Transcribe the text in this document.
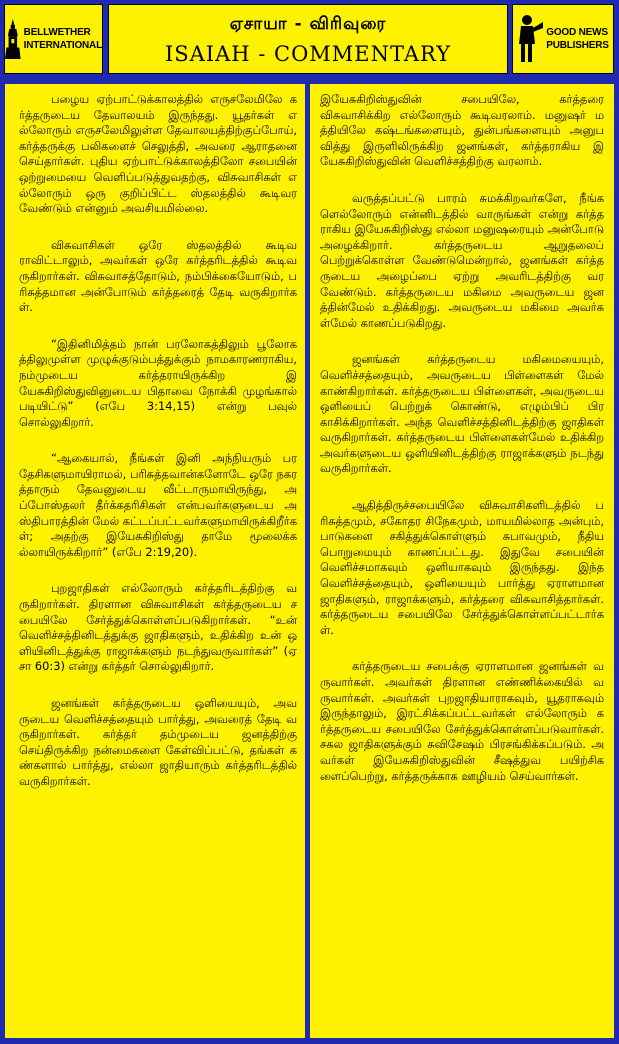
BELLWETHER
INTERNATIONAL
ஏசாயா - விரிவுரை
ISAIAH - COMMENTARY
GOOD NEWS
PUBLISHERS

பழைய ஏற்பாட்டுக்காலத்தில் எருசலேமிலே கர்த்தருடைய தேவாலயம் இருந்தது. யூதர்கள் எல்லோரும் எருசலேமிலுள்ள தேவாலயத்திற்குப்போய், கர்த்தருக்கு பலிகளைச் செலுத்தி, அவரை ஆராதனை செய்தார்கள். புதிய ஏற்பாட்டுக்காலத்திலோ சபையின் ஒற்றுமையை வெளிப்படுத்துவதற்கு, விசுவாசிகள் எல்லோரும் ஒரு குறிப்பிட்ட ஸ்தலத்தில் கூடிவரவேண்டும் என்னும் அவசியமில்லை.

விசுவாசிகள் ஒரே ஸ்தலத்தில் கூடிவராவிட்டாலும், அவர்கள் ஒரே கர்த்தரிடத்தில் கூடிவருகிறார்கள். விசுவாசத்தோடும், நம்பிக்கையோடும், பரிசுத்தமான அன்போடும் கர்த்தரைத் தேடி வருகிறார்கள்.

“இதினிமித்தம் நான் பரலோகத்திலும் பூலோகத்திலுமுள்ள முழுக்குடும்பத்துக்கும் நாமகாரணராகிய, நம்முடைய கர்த்தராயிருக்கிற இயேசுகிறிஸ்துவினுடைய பிதாவை நோக்கி முழங்கால் படியிட்டு” (எபே 3:14,15) என்று பவுல் சொல்லுகிறார்.

“ஆகையால், நீங்கள் இனி அந்நியரும் பரதேசிகளுமாயிராமல், பரிசுத்தவான்களோடே ஒரே நகரத்தாரும் தேவனுடைய வீட்டாருமாயிருந்து, அப்போஸ்தலர் தீர்க்கதரிசிகள் என்பவர்களுடைய அஸ்திபாரத்தின் மேல் கட்டப்பட்டவர்களுமாயிருக்கிறீர்கள்; அதற்கு இயேசுகிறிஸ்து தாமே மூலைக்கல்லாயிருக்கிறார்” (எபே 2:19,20).

புறஜாதிகள் எல்லோரும் கர்த்தரிடத்திற்கு வருகிறார்கள். திரளான விசுவாசிகள் கர்த்தருடைய சபையிலே சேர்த்துக்கொள்ளப்படுகிறார்கள். “உன் வெளிச்சத்தினிடத்துக்கு ஜாதிகளும், உதிக்கிற உன் ஒளியினிடத்துக்கு ராஜாக்களும் நடந்துவருவார்கள்” (ஏசா 60:3) என்று கர்த்தர் சொல்லுகிறார்.

ஜனங்கள் கர்த்தருடைய ஒளியையும், அவருடைய வெளிச்சத்தையும் பார்த்து, அவரைத் தேடி வருகிறார்கள். கர்த்தர் தம்முடைய ஜனத்திற்கு செய்திருக்கிற நன்மைகளை கேள்விப்பட்டு, தங்கள் கண்களால் பார்த்து, எல்லா ஜாதியாரும் கர்த்தரிடத்தில் வருகிறார்கள்.

இயேசுகிறிஸ்துவின் சபையிலே, கர்த்தரை விசுவாசிக்கிற எல்லோரும் கூடிவரலாம். மனுஷர் மத்தியிலே கஷ்டங்களையும், துன்பங்களையும் அனுபவித்து இருளிலிருக்கிற ஜனங்கள், கர்த்தராகிய இயேசுகிறிஸ்துவின் வெளிச்சத்திற்கு வரலாம்.

வருத்தப்பட்டு பாரம் சுமக்கிறவர்களே, நீங்களெல்லோரும் என்னிடத்தில் வாருங்கள் என்று கர்த்தராகிய இயேசுகிறிஸ்து எல்லா மனுஷரையும் அன்போடு அழைக்கிறார். கர்த்தருடைய ஆறுதலைப் பெற்றுக்கொள்ள வேண்டுமென்றால், ஜனங்கள் கர்த்தருடைய அழைப்பை ஏற்று அவரிடத்திற்கு வரவேண்டும். கர்த்தருடைய மகிமை அவருடைய ஜனத்தின்மேல் உதிக்கிறது. அவருடைய மகிமை அவர்கள்மேல் காணப்படுகிறது.

ஜனங்கள் கர்த்தருடைய மகிமையையும், வெளிச்சத்தையும், அவருடைய பிள்ளைகள் மேல் காண்கிறார்கள். கர்த்தருடைய பிள்ளைகள், அவருடைய ஒளியைப் பெற்றுக் கொண்டு, எழும்பிப் பிரகாசிக்கிறார்கள். அந்த வெளிச்சத்தினிடத்திற்கு ஜாதிகள் வருகிறார்கள். கர்த்தருடைய பிள்ளைகள்மேல் உதிக்கிற அவர்களுடைய ஒளியினிடத்திற்கு ராஜாக்களும் நடந்து வருகிறார்கள்.

ஆதித்திருச்சபையிலே விசுவாசிகளிடத்தில் பரிசுத்தமும், சகோதர சிநேகமும், மாயமில்லாத அன்பும், பாடுகளை சகித்துக்கொள்ளும் சுபாவமும், நீதிய பொறுமையும் காணப்பட்டது. இதுவே சபையின் வெளிச்சமாகவும் ஒளியாகவும் இருந்தது. இந்த வெளிச்சத்தையும், ஒளியையும் பார்த்து ஏராளமான ஜாதிகளும், ராஜாக்களும், கர்த்தரை விசுவாசித்தார்கள். கர்த்தருடைய சபையிலே சேர்த்துக்கொள்ளப்பட்டார்கள்.

கர்த்தருடைய சபைக்கு ஏராளமான ஜனங்கள் வருவார்கள். அவர்கள் திரளான எண்ணிக்கையில் வருவார்கள். அவர்கள் புறஜாதியாராகவும், யூதராகவும் இருந்தாலும், இரட்சிக்கப்பட்டவர்கள் எல்லோரும் கர்த்தருடைய சபையிலே சேர்த்துக்கொள்ளப்படுவார்கள். சகல ஜாதிகளுக்கும் சுவிசேஷம் பிரசங்கிக்கப்படும். அவர்கள் இயேசுகிறிஸ்துவின் சீஷத்துவ பயிற்சிகளைப்பெற்று, கர்த்தருக்காக ஊழியம் செய்வார்கள்.
